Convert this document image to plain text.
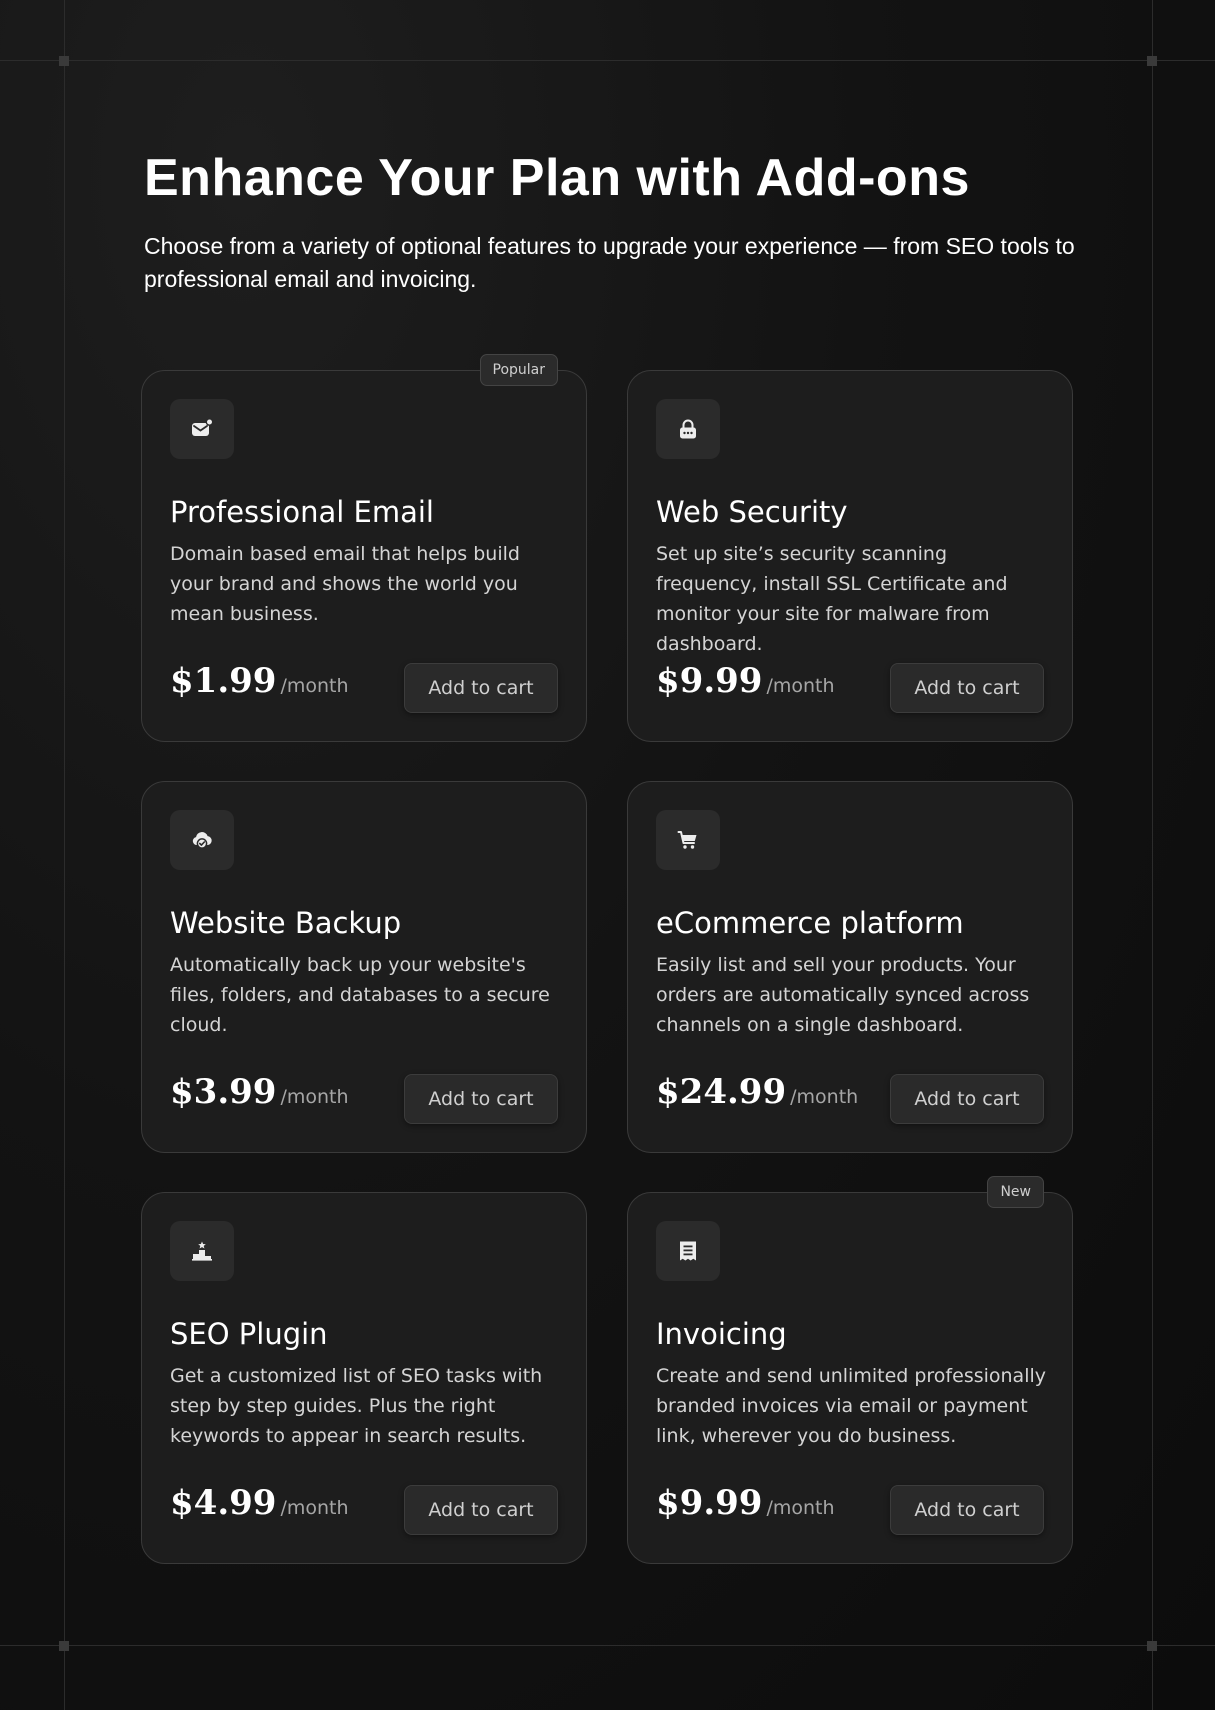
Enhance Your Plan with Add-ons

Choose from a variety of optional features to upgrade your experience — from SEO tools to professional email and invoicing.

Popular
Professional Email

Domain based email that helps build your brand and shows the world you mean business.

$1.99 /month	Add to cart
Web Security

Set up site’s security scanning frequency, install SSL Certificate and monitor your site for malware from dashboard.

$9.99 /month	Add to cart
Website Backup

Automatically back up your website's files, folders, and databases to a secure cloud.

$3.99 /month	Add to cart
eCommerce platform

Easily list and sell your products. Your orders are automatically synced across channels on a single dashboard.

$24.99 /month	Add to cart
SEO Plugin

Get a customized list of SEO tasks with step by step guides. Plus the right keywords to appear in search results.

$4.99 /month	Add to cart
New
Invoicing

Create and send unlimited professionally branded invoices via email or payment link, wherever you do business.

$9.99 /month	Add to cart
